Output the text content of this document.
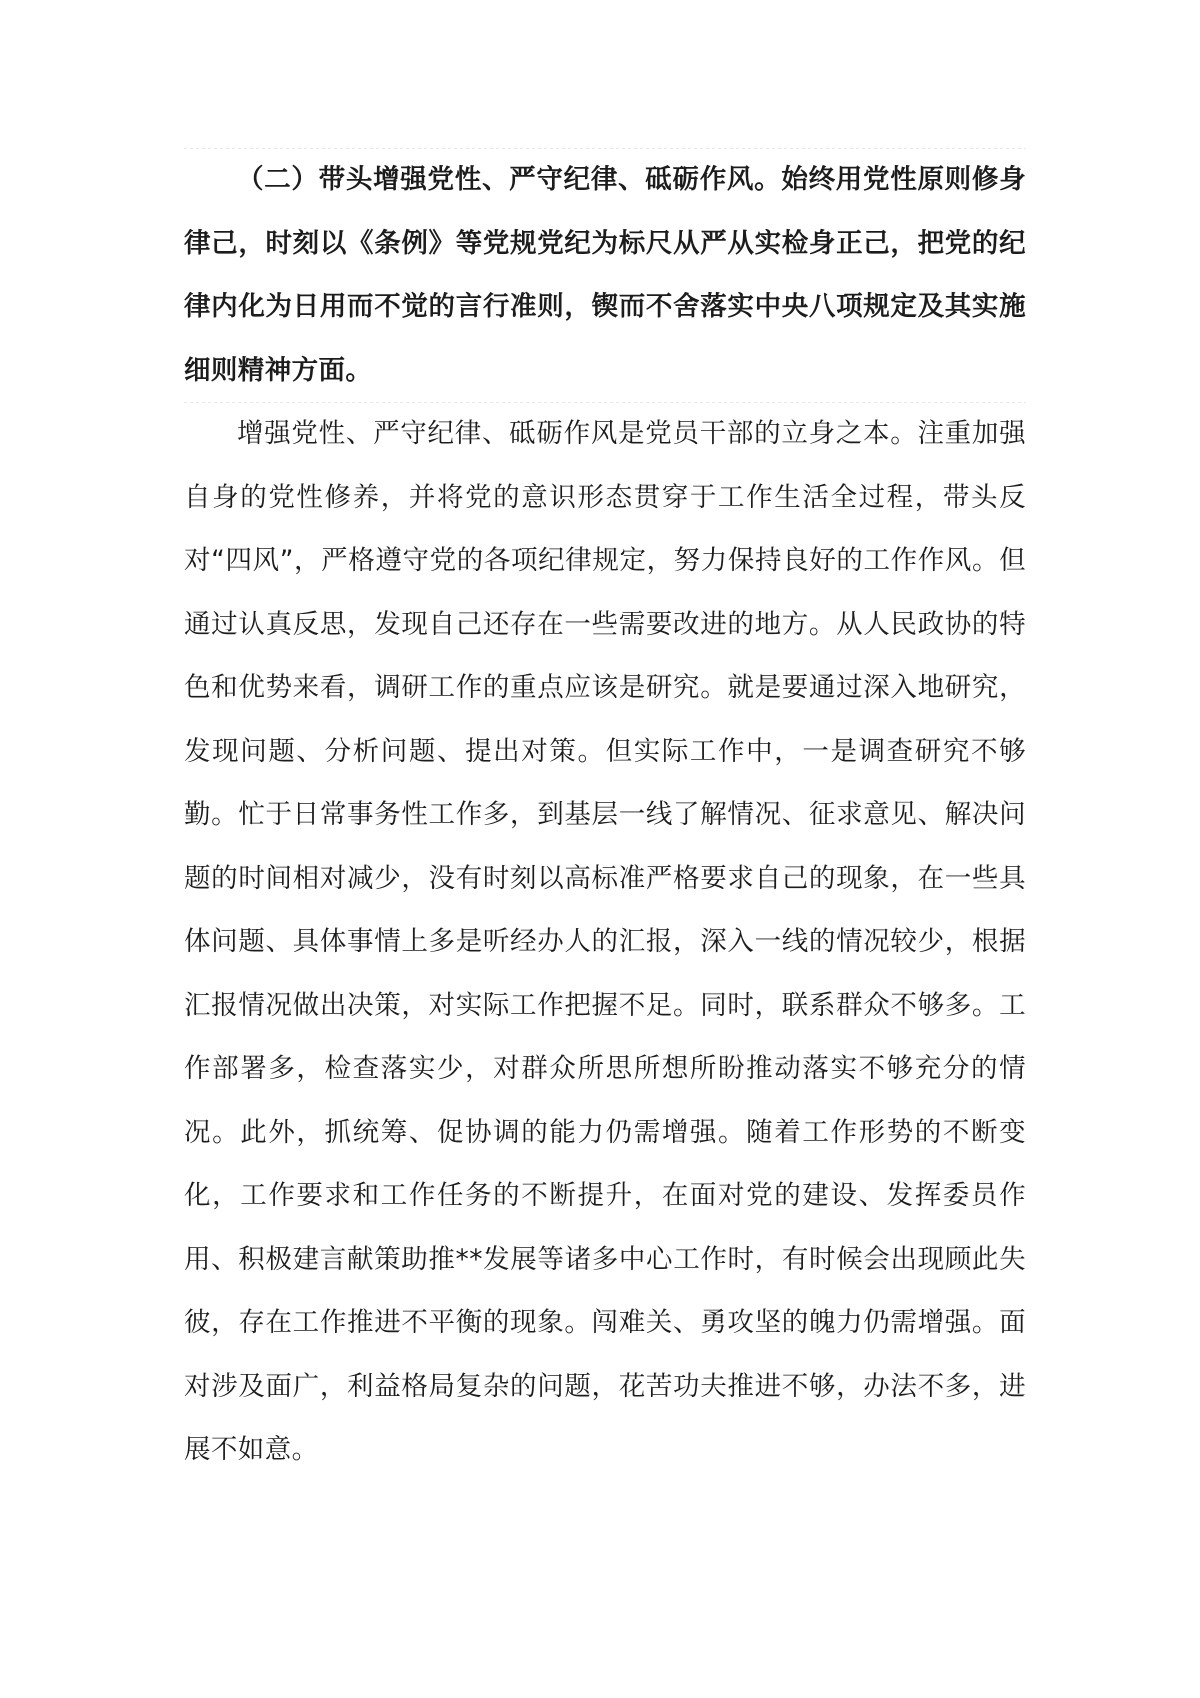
（二）带头增强党性、严守纪律、砥砺作风。始终用党性原则修身律己，时刻以《条例》等党规党纪为标尺从严从实检身正己，把党的纪律内化为日用而不觉的言行准则，锲而不舍落实中央八项规定及其实施细则精神方面。

增强党性、严守纪律、砥砺作风是党员干部的立身之本。注重加强自身的党性修养，并将党的意识形态贯穿于工作生活全过程，带头反对“四风”，严格遵守党的各项纪律规定，努力保持良好的工作作风。但通过认真反思，发现自己还存在一些需要改进的地方。从人民政协的特色和优势来看，调研工作的重点应该是研究。就是要通过深入地研究，发现问题、分析问题、提出对策。但实际工作中，一是调查研究不够勤。忙于日常事务性工作多，到基层一线了解情况、征求意见、解决问题的时间相对减少，没有时刻以高标准严格要求自己的现象，在一些具体问题、具体事情上多是听经办人的汇报，深入一线的情况较少，根据汇报情况做出决策，对实际工作把握不足。同时，联系群众不够多。工作部署多，检查落实少，对群众所思所想所盼推动落实不够充分的情况。此外，抓统筹、促协调的能力仍需增强。随着工作形势的不断变化，工作要求和工作任务的不断提升，在面对党的建设、发挥委员作用、积极建言献策助推**发展等诸多中心工作时，有时候会出现顾此失彼，存在工作推进不平衡的现象。闯难关、勇攻坚的魄力仍需增强。面对涉及面广，利益格局复杂的问题，花苦功夫推进不够，办法不多，进展不如意。
